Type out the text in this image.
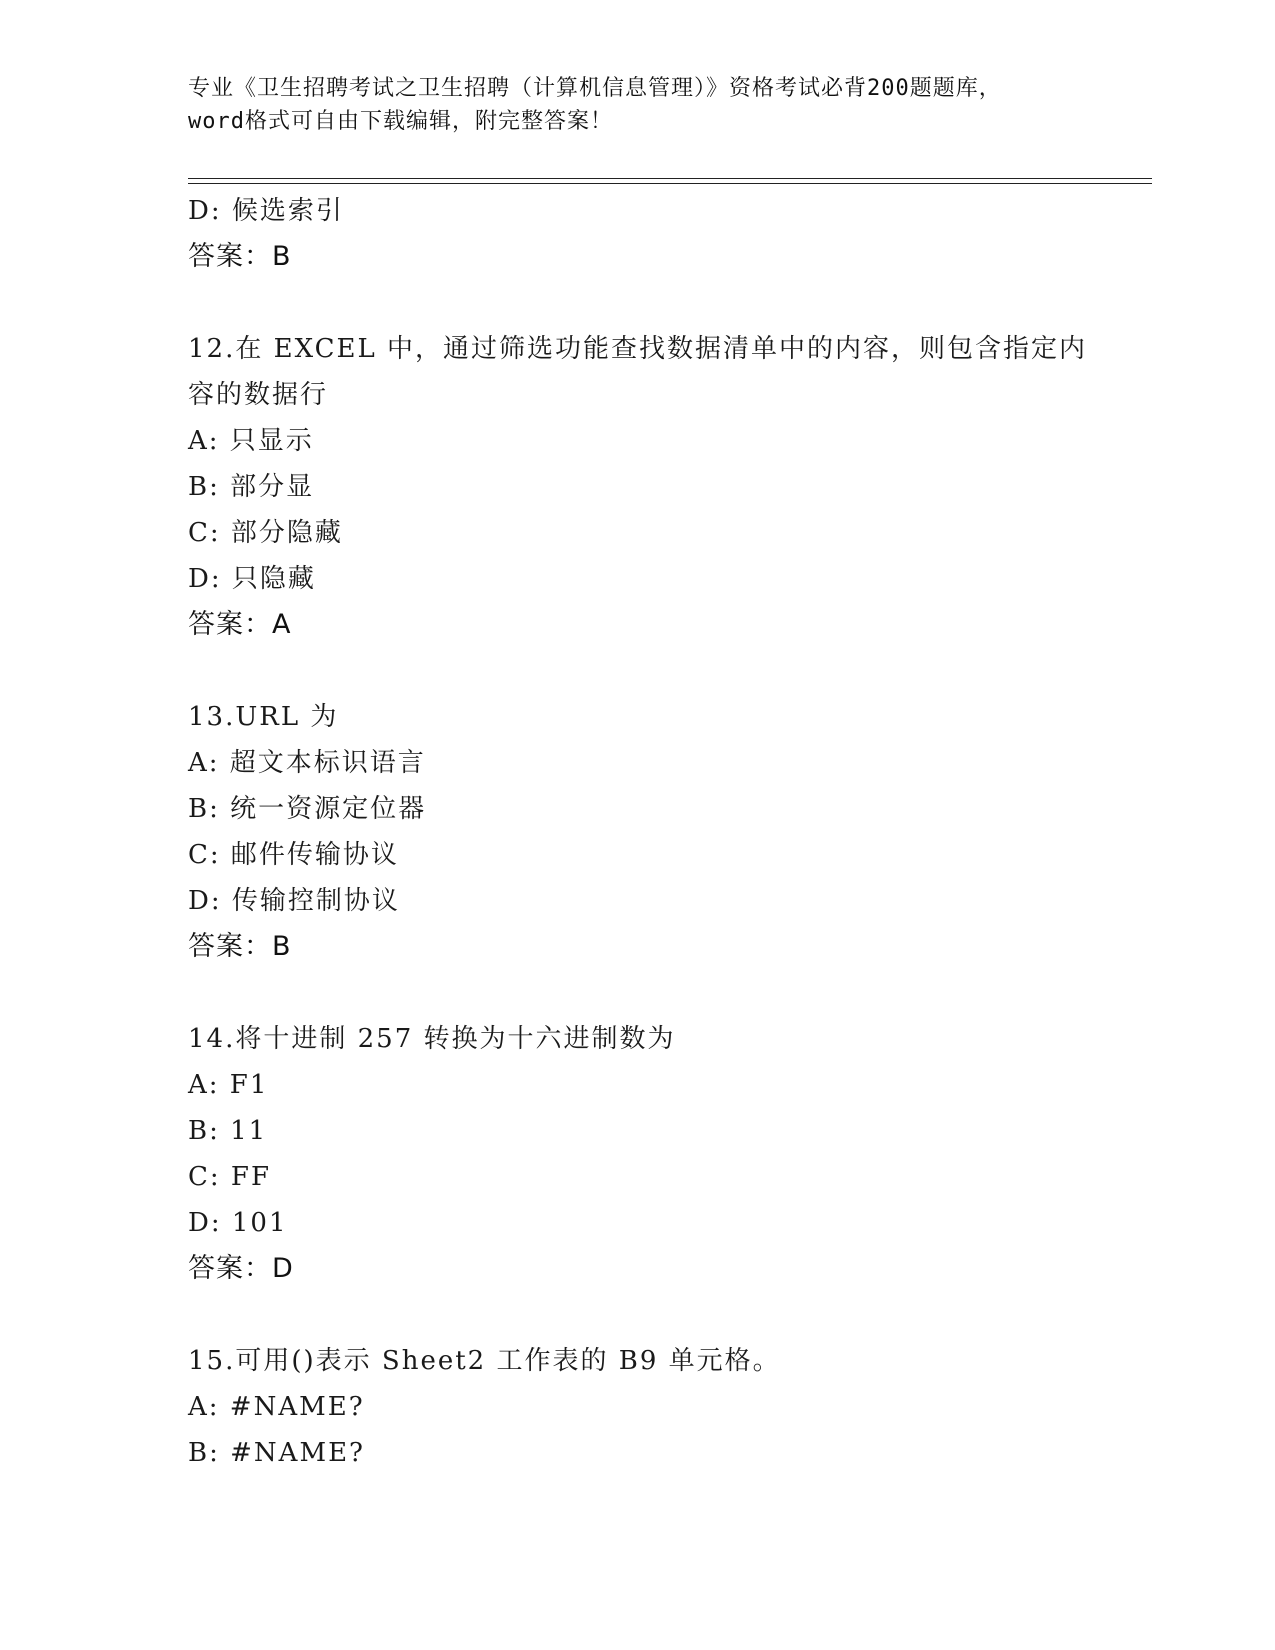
专业《卫生招聘考试之卫生招聘（计算机信息管理）》资格考试必背200题题库，
word格式可自由下载编辑，附完整答案！
D: 候选索引
答案：B
12.在 EXCEL 中，通过筛选功能查找数据清单中的内容，则包含指定内
容的数据行
A: 只显示
B: 部分显
C: 部分隐藏
D: 只隐藏
答案：A
13.URL 为
A: 超文本标识语言
B: 统一资源定位器
C: 邮件传输协议
D: 传输控制协议
答案：B
14.将十进制 257 转换为十六进制数为
A: F1
B: 11
C: FF
D: 101
答案：D
15.可用()表示 Sheet2 工作表的 B9 单元格。
A: #NAME?
B: #NAME?
